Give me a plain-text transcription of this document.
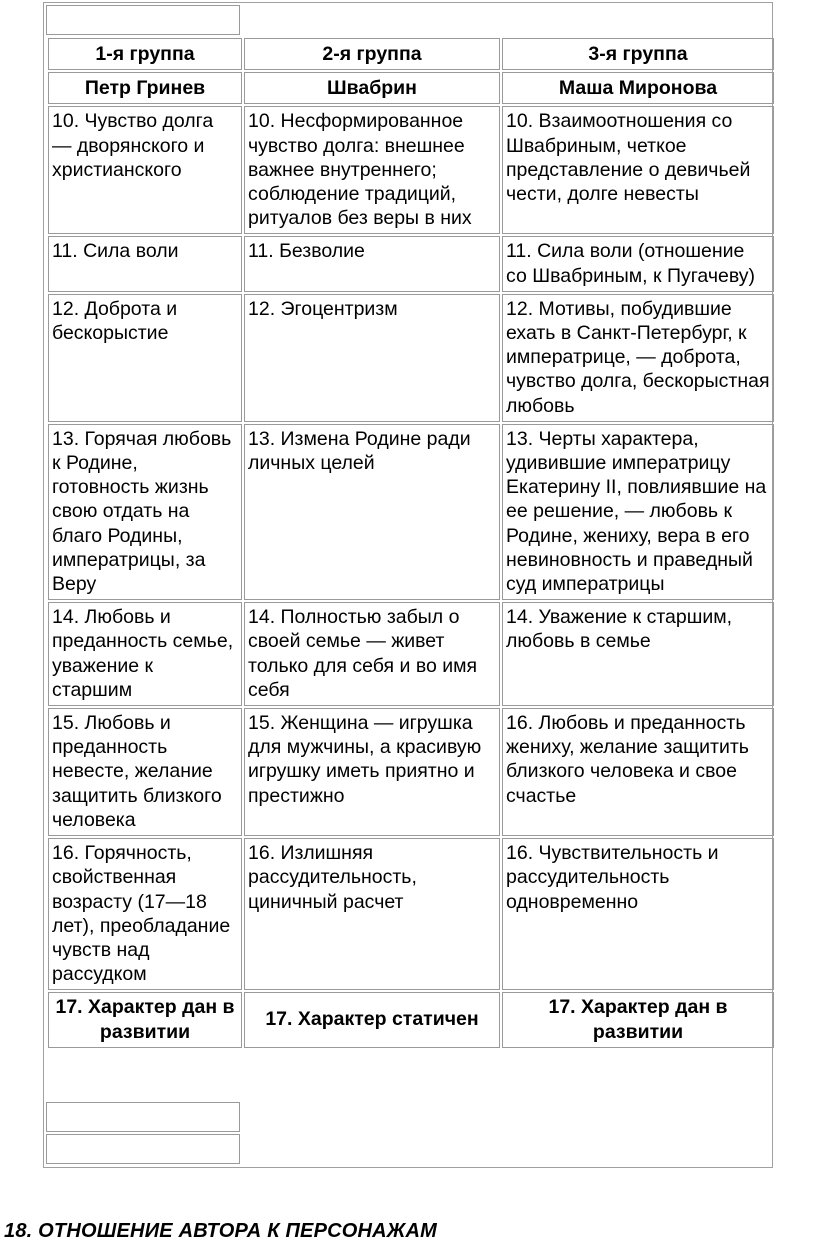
1-я группа	2-я группа	3-я группа
Петр Гринев	Швабрин	Маша Миронова
10. Чувство долга — дворянского и христианского	10. Несформированное чувство долга: внешнее важнее внутреннего; соблюдение традиций, ритуалов без веры в них	10. Взаимоотношения со Швабриным, четкое представление о девичьей чести, долге невесты
11. Сила воли	11. Безволие	11. Сила воли (отношение со Швабриным, к Пугачеву)
12. Доброта и бескорыстие	12. Эгоцентризм	12. Мотивы, побудившие ехать в Санкт-Петербург, к императрице, — доброта, чувство долга, бескорыстная любовь
13. Горячая любовь к Родине, готовность жизнь свою отдать на благо Родины, императрицы, за Веру	13. Измена Родине ради личных целей	13. Черты характера, удивившие императрицу Екатерину II, повлиявшие на ее решение, — любовь к Родине, жениху, вера в его невиновность и праведный суд императрицы
14. Любовь и преданность семье, уважение к старшим	14. Полностью забыл о своей семье — живет только для себя и во имя себя	14. Уважение к старшим, любовь в семье
15. Любовь и преданность невесте, желание защитить близкого человека	15. Женщина — игрушка для мужчины, а красивую игрушку иметь приятно и престижно	16. Любовь и преданность жениху, желание защитить близкого человека и свое счастье
16. Горячность, свойственная возрасту (17—18 лет), преобладание чувств над рассудком	16. Излишняя рассудительность, циничный расчет	16. Чувствительность и рассудительность одновременно
17. Характер дан в развитии	17. Характер статичен	17. Характер дан в развитии
18. ОТНОШЕНИЕ АВТОРА К ПЕРСОНАЖАМ
